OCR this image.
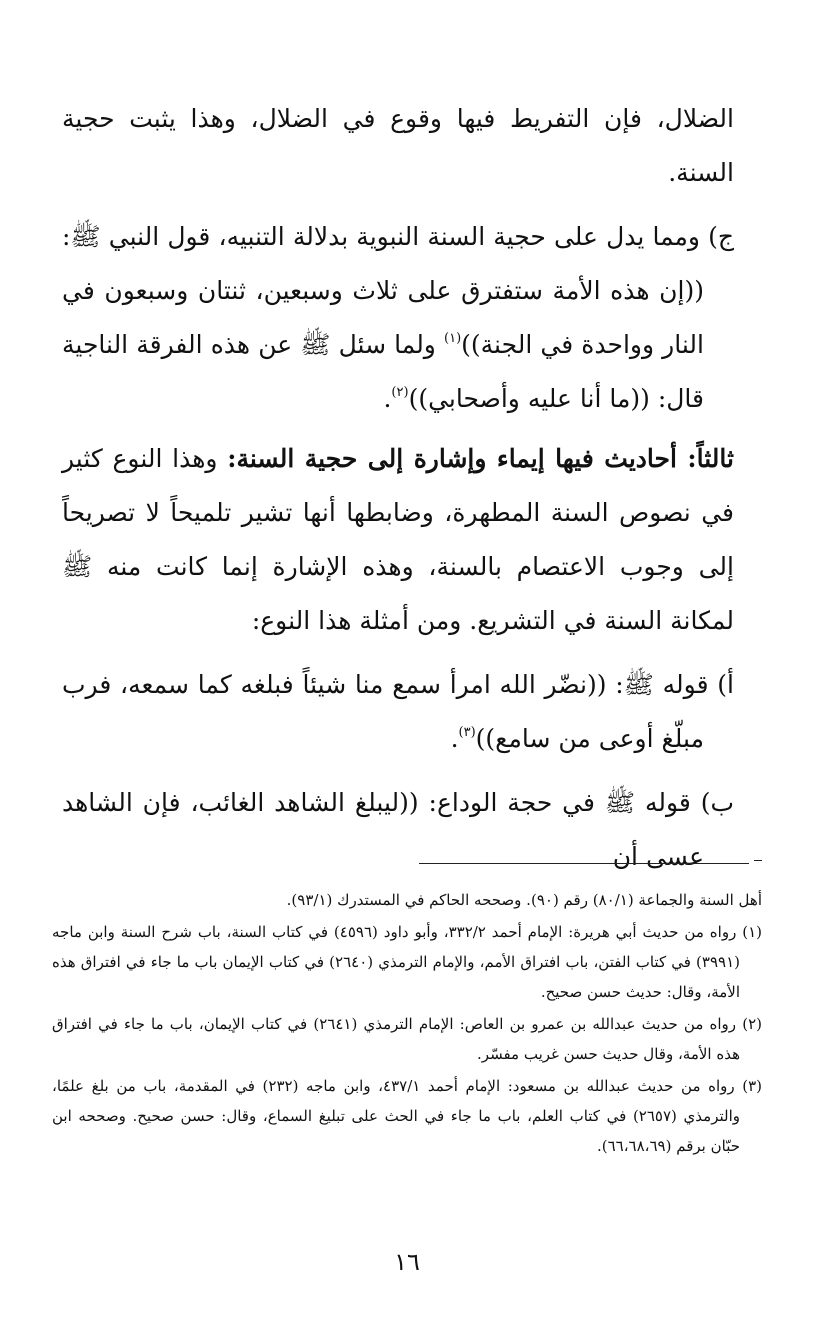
الضلال، فإن التفريط فيها وقوع في الضلال، وهذا يثبت حجية السنة.

ج) ومما يدل على حجية السنة النبوية بدلالة التنبيه، قول النبي ﷺ: ((إن هذه الأمة ستفترق على ثلاث وسبعين، ثنتان وسبعون في النار وواحدة في الجنة))$^{(١)}$ ولما سئل ﷺ عن هذه الفرقة الناجية قال: ((ما أنا عليه وأصحابي))$^{(٢)}$.

ثالثاً: أحاديث فيها إيماء وإشارة إلى حجية السنة: وهذا النوع كثير في نصوص السنة المطهرة، وضابطها أنها تشير تلميحاً لا تصريحاً إلى وجوب الاعتصام بالسنة، وهذه الإشارة إنما كانت منه ﷺ لمكانة السنة في التشريع. ومن أمثلة هذا النوع:

أ) قوله ﷺ: ((نضّر الله امرأ سمع منا شيئاً فبلغه كما سمعه، فرب مبلّغ أوعى من سامع))$^{(٣)}$.

ب) قوله ﷺ في حجة الوداع: ((ليبلغ الشاهد الغائب، فإن الشاهد عسى أن

أهل السنة والجماعة (٨٠/١) رقم (٩٠). وصححه الحاكم في المستدرك (٩٣/١).

(١) رواه من حديث أبي هريرة: الإمام أحمد ٣٣٢/٢، وأبو داود (٤٥٩٦) في كتاب السنة، باب شرح السنة وابن ماجه (٣٩٩١) في كتاب الفتن، باب افتراق الأمم، والإمام الترمذي (٢٦٤٠) في كتاب الإيمان باب ما جاء في افتراق هذه الأمة، وقال: حديث حسن صحيح.

(٢) رواه من حديث عبدالله بن عمرو بن العاص: الإمام الترمذي (٢٦٤١) في كتاب الإيمان، باب ما جاء في افتراق هذه الأمة، وقال حديث حسن غريب مفسّر.

(٣) رواه من حديث عبدالله بن مسعود: الإمام أحمد ٤٣٧/١، وابن ماجه (٢٣٢) في المقدمة، باب من بلغ علمًا، والترمذي (٢٦٥٧) في كتاب العلم، باب ما جاء في الحث على تبليغ السماع، وقال: حسن صحيح. وصححه ابن حبّان برقم (٦٦،٦٨،٦٩).

١٦
